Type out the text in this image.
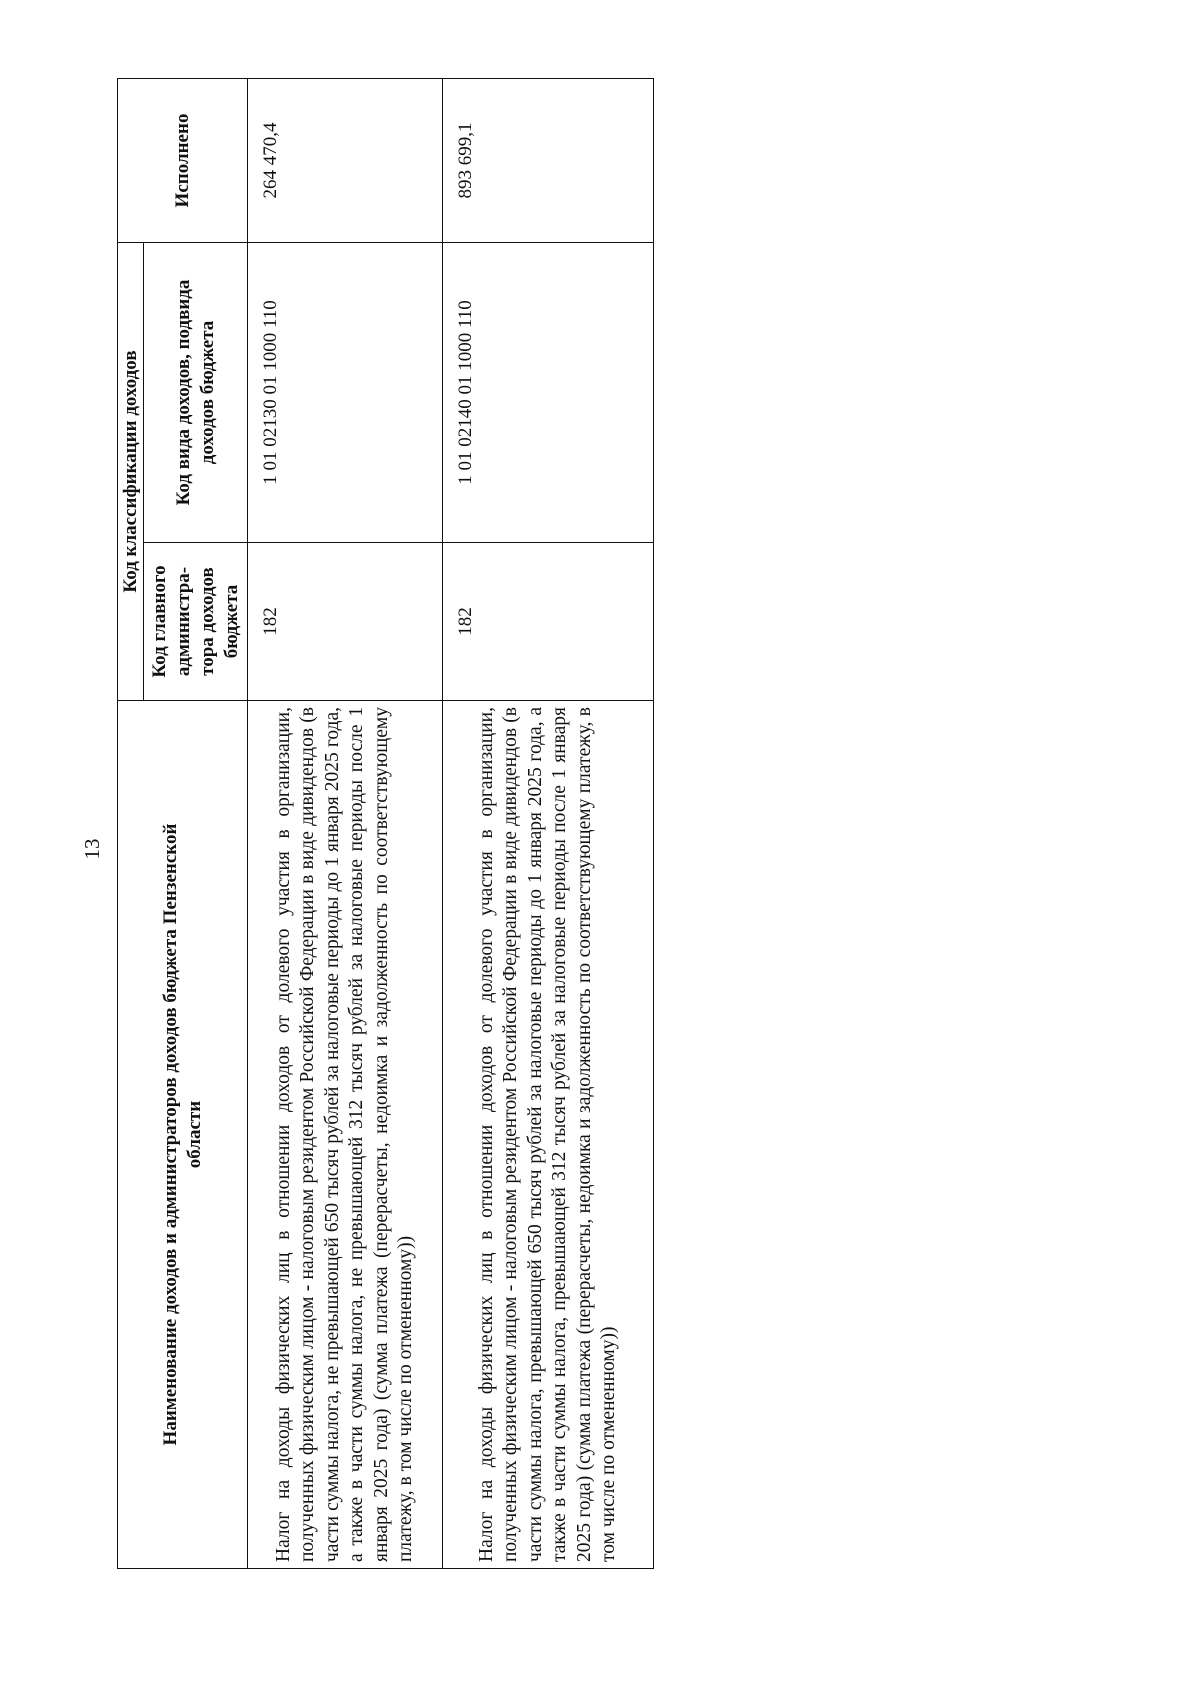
13	Наименование доходов и администраторов доходов бюджета Пензенской области	Код классификации доходов		Исполнено
	Код главного администра-тора доходов бюджета	Код вида доходов, подвида доходов бюджета	
Налог на доходы физических лиц в отношении доходов от долевого участия в организации, полученных физическим лицом - налоговым резидентом Российской Федерации в виде дивидендов (в части суммы налога, не превышающей 650 тысяч рублей за налоговые периоды до 1 января 2025 года, а также в части суммы налога, не превышающей 312 тысяч рублей за налоговые периоды после 1 января 2025 года) (сумма платежа (перерасчеты, недоимка и задолженность по соответствующему платежу, в том числе по отмененному))	182	1 01 02130 01 1000 110	264 470,4
Налог на доходы физических лиц в отношении доходов от долевого участия в организации, полученных физическим лицом - налоговым резидентом Российской Федерации в виде дивидендов (в части суммы налога, превышающей 650 тысяч рублей за налоговые периоды до 1 января 2025 года, а также в части суммы налога, превышающей 312 тысяч рублей за налоговые периоды после 1 января 2025 года) (сумма платежа (перерасчеты, недоимка и задолженность по соответствующему платежу, в том числе по отмененному))	182	1 01 02140 01 1000 110	893 699,1
